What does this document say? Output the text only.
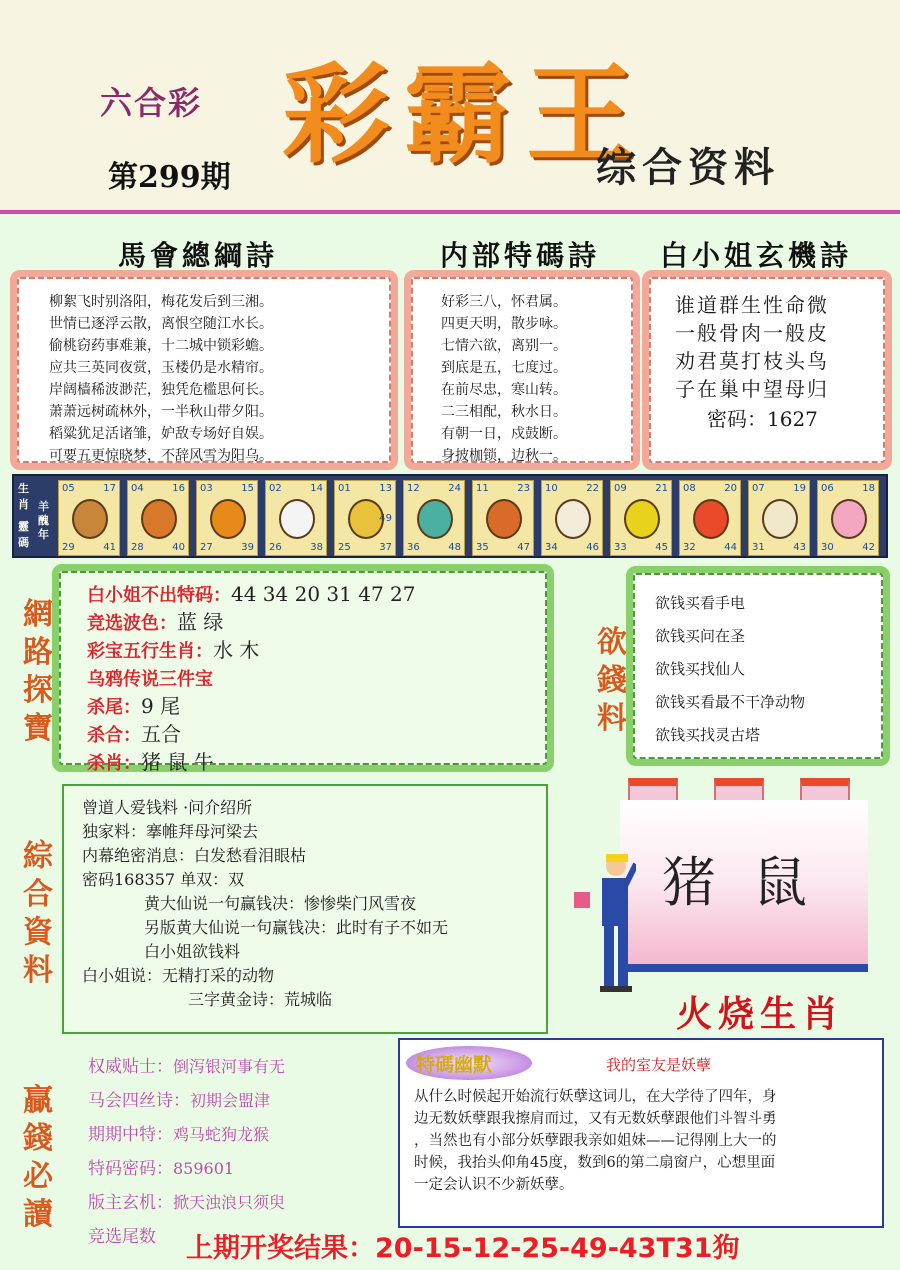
六合彩 彩霸王
第299期	综合资料
馬會總綱詩	内部特碼詩 白小姐玄機詩
柳絮飞时别洛阳，梅花发后到三湘。
世情已逐浮云散，离恨空随江水长。
偷桃窃药事难兼，十二城中锁彩蟾。
应共三英同夜赏，玉楼仍是水精帘。
岸阔樯稀波渺茫，独凭危槛思何长。
萧萧远树疏林外，一半秋山带夕阳。
稻粱犹足活诸雏，妒敌专场好自娱。
可要五更惊晓梦，不辞风雪为阳乌。
好彩三八，怀君属。
四更天明，散步咏。
七情六欲，离别一。
到底是五，七度过。
在前尽忠，寒山转。
二三相配，秋水日。
有朝一日，戍鼓断。
身披枷锁，边秋一。
谁道群生性命微
一般骨肉一般皮
劝君莫打枝头鸟
子在巢中望母归
密码：1627
生
肖
靈
碼
羊
年
醜
05	17
29	41
04	16
28	40
03	15
27	39
02	14
26	38
01	13
25	37
49
12	24
36	48
11	23
35	47
10	22
34	46
09	21
33	45
08	20
32	44
07	19
31	43
06	18
30	42
網
路
探
寶
白小姐不出特码：44 34 20 31 47 27
竞选波色：蓝 绿
彩宝五行生肖：水 木
乌鸦传说三件宝
杀尾：9 尾
杀合：五合
杀肖：猪 鼠 牛
欲
錢
料
欲钱买看手电
欲钱买问在圣
欲钱买找仙人
欲钱买看最不干净动物
欲钱买找灵古塔
綜
合
資
料
曾道人爱钱料 ·问介绍所
独家料：搴帷拜母河梁去
内幕绝密消息：白发愁看泪眼枯
密码168357 单双：双
黄大仙说一句赢钱决：惨惨柴门风雪夜
另版黄大仙说一句赢钱决：此时有子不如无
白小姐欲钱料
白小姐说：无精打采的动物
三字黄金诗：荒城临
猪 鼠
火烧生肖
贏
錢
必
讀
权威贴士：倒泻银河事有无
马会四丝诗：初期会盟津
期期中特：鸡马蛇狗龙猴
特码密码：859601
版主玄机：掀天浊浪只须臾
竞选尾数
特碼幽默	我的室友是妖孽
从什么时候起开始流行妖孽这词儿，在大学待了四年，身
边无数妖孽跟我擦肩而过，又有无数妖孽跟他们斗智斗勇
，当然也有小部分妖孽跟我亲如姐妹——记得刚上大一的
时候，我抬头仰角45度，数到6的第二扇窗户，心想里面
一定会认识不少新妖孽。
上期开奖结果：20-15-12-25-49-43T31狗
